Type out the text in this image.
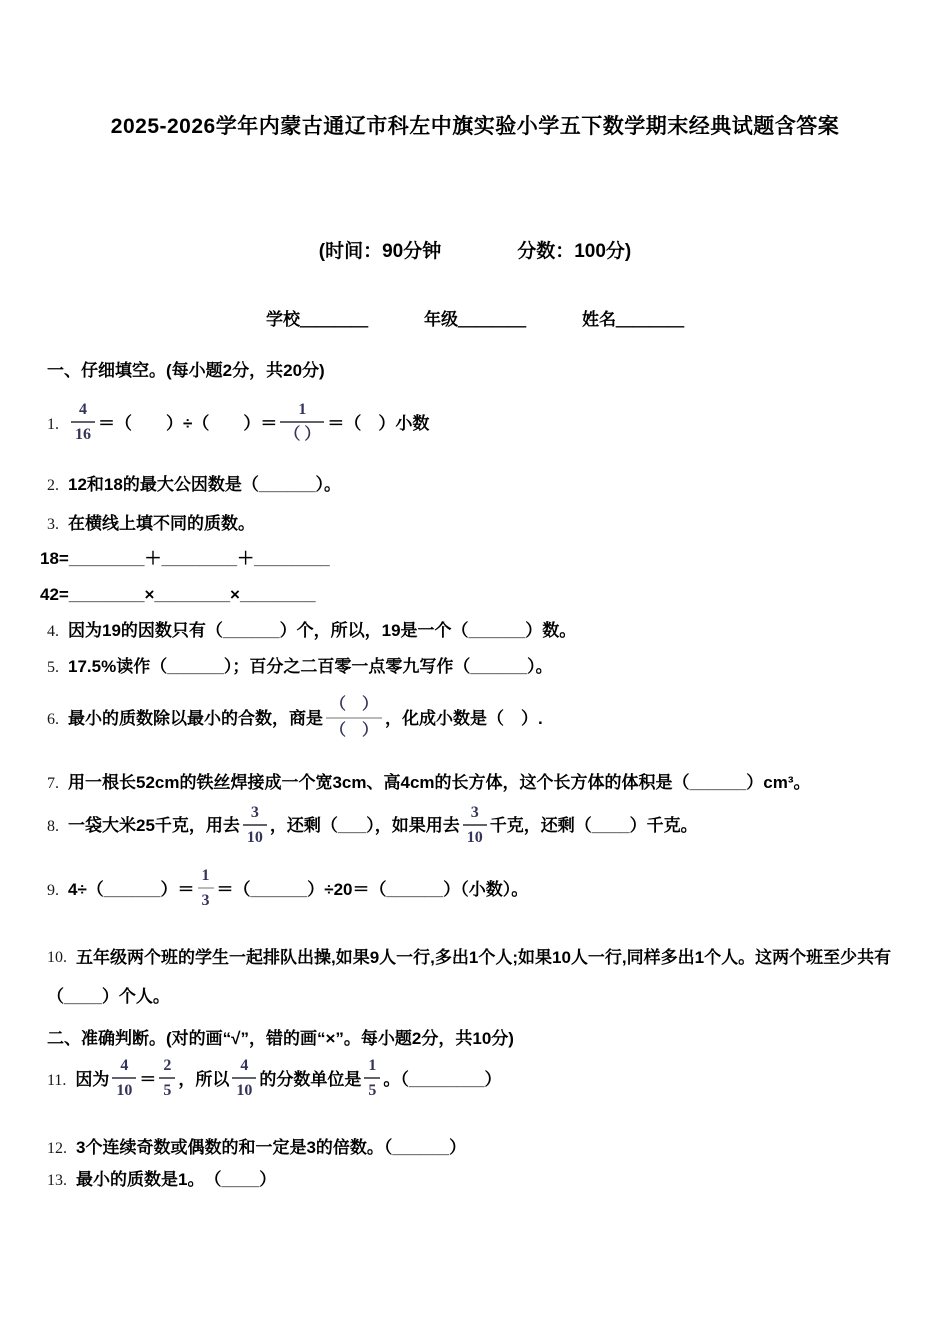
2025-2026学年内蒙古通辽市科左中旗实验小学五下数学期末经典试题含答案
(时间：90分钟	分数：100分)
学校＿＿＿＿	年级＿＿＿＿	姓名＿＿＿＿
一、仔细填空。(每小题2分，共20分)
1. $\frac{4}{16}$ ＝（　　）÷（　　）＝ $\frac{1}{( )}$ ＝（　）小数
2. 12和18的最大公因数是（______）。
3. 在横线上填不同的质数。
18=________＋________＋________
42=________×________×________
4. 因为19的因数只有（______）个，所以，19是一个（______）数。
5. 17.5%读作（______）；百分之二百零一点零九写作（______）。
6. 最小的质数除以最小的合数，商是 $\frac{( )}{( )}$ ，化成小数是（　）.
7. 用一根长52cm的铁丝焊接成一个宽3cm、高4cm的长方体，这个长方体的体积是（______）cm³。
8. 一袋大米25千克，用去 $\frac{3}{10}$ ，还剩（___），如果用去 $\frac{3}{10}$ 千克，还剩（____）千克。
9. 4÷（______）＝ $\frac{1}{3}$ ＝（______）÷20＝（______）（小数）。
10. 五年级两个班的学生一起排队出操,如果9人一行,多出1个人;如果10人一行,同样多出1个人。这两个班至少共有（____）个人。
二、准确判断。(对的画“√”，错的画“×”。每小题2分，共10分)
11. 因为 $\frac{4}{10} = \frac{2}{5}$ ，所以 $\frac{4}{10}$ 的分数单位是 $\frac{1}{5}$ 。（________）
12. 3个连续奇数或偶数的和一定是3的倍数。（______）
13. 最小的质数是1。　（____）
